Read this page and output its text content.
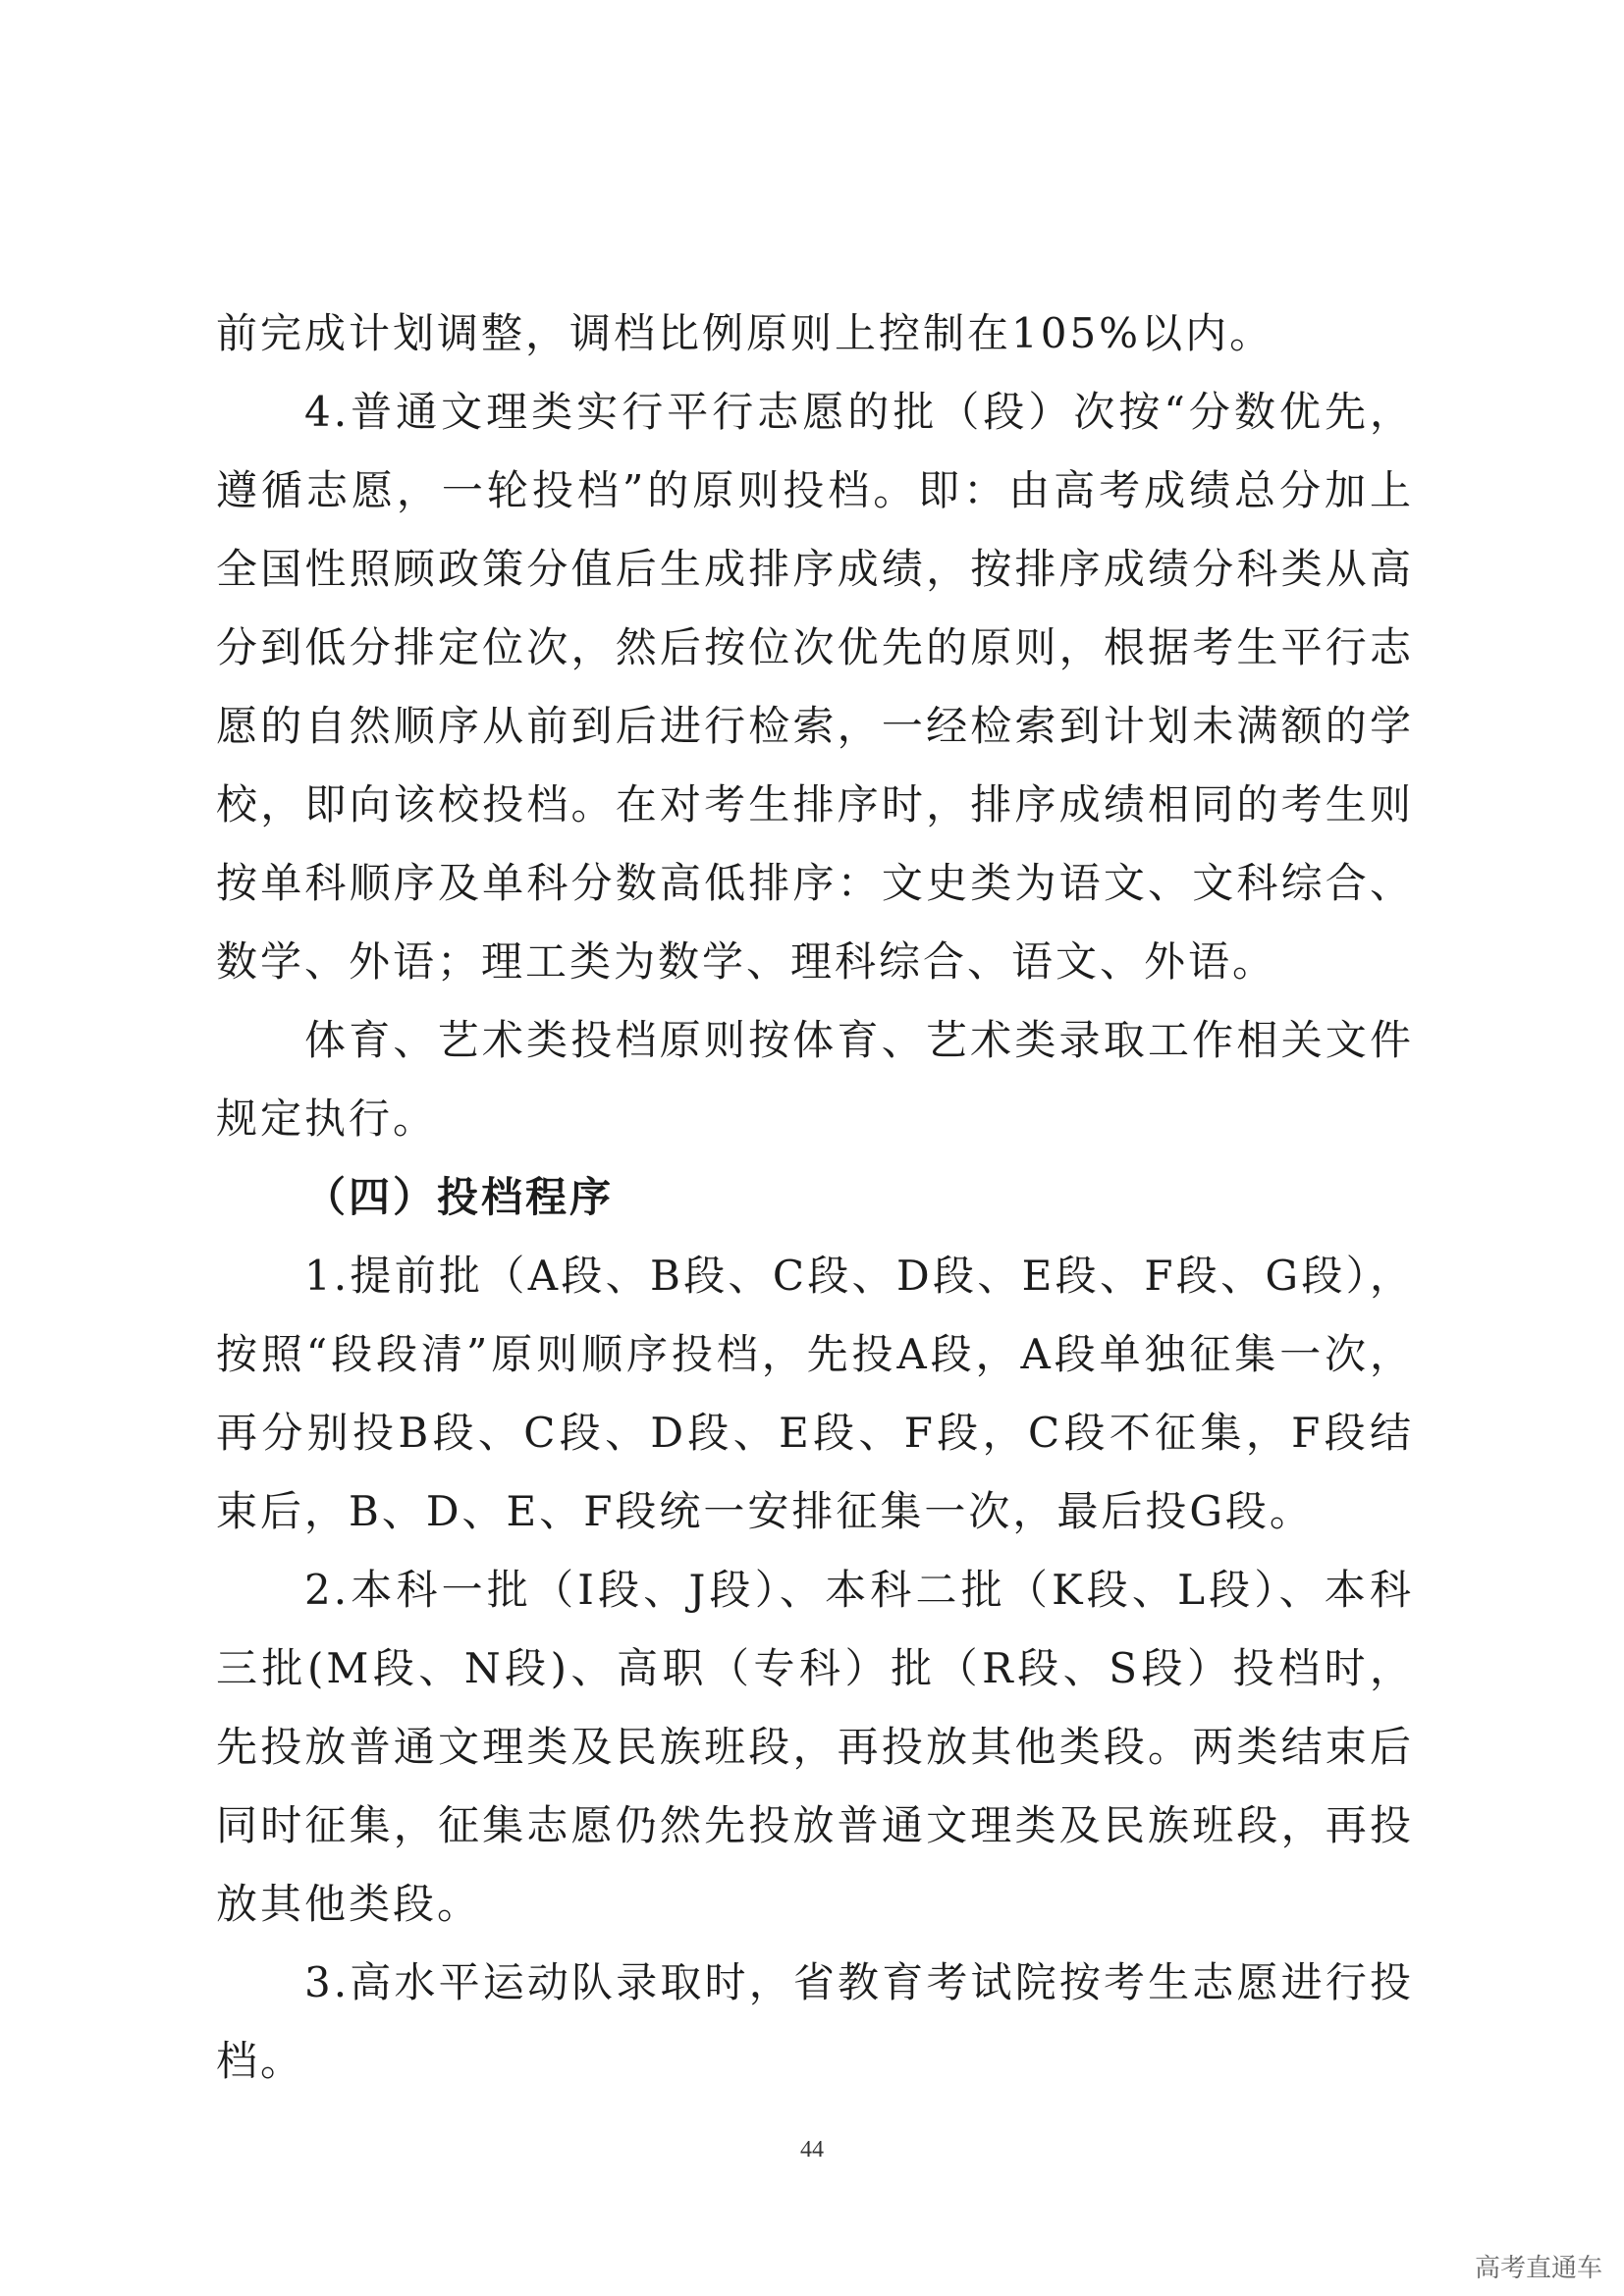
前完成计划调整，调档比例原则上控制在105%以内。

4.普通文理类实行平行志愿的批（段）次按“分数优先，遵循志愿，一轮投档”的原则投档。即：由高考成绩总分加上全国性照顾政策分值后生成排序成绩，按排序成绩分科类从高分到低分排定位次，然后按位次优先的原则，根据考生平行志愿的自然顺序从前到后进行检索，一经检索到计划未满额的学校，即向该校投档。在对考生排序时，排序成绩相同的考生则按单科顺序及单科分数高低排序：文史类为语文、文科综合、数学、外语；理工类为数学、理科综合、语文、外语。

体育、艺术类投档原则按体育、艺术类录取工作相关文件规定执行。

（四）投档程序

1.提前批（A段、B段、C段、D段、E段、F段、G段），按照“段段清”原则顺序投档，先投A段，A段单独征集一次，再分别投B段、C段、D段、E段、F段，C段不征集，F段结束后，B、D、E、F段统一安排征集一次，最后投G段。

2.本科一批（I段、J段）、本科二批（K段、L段）、本科三批(M段、N段)、高职（专科）批（R段、S段）投档时，先投放普通文理类及民族班段，再投放其他类段。两类结束后同时征集，征集志愿仍然先投放普通文理类及民族班段，再投放其他类段。

3.高水平运动队录取时，省教育考试院按考生志愿进行投档。

44
高考直通车
